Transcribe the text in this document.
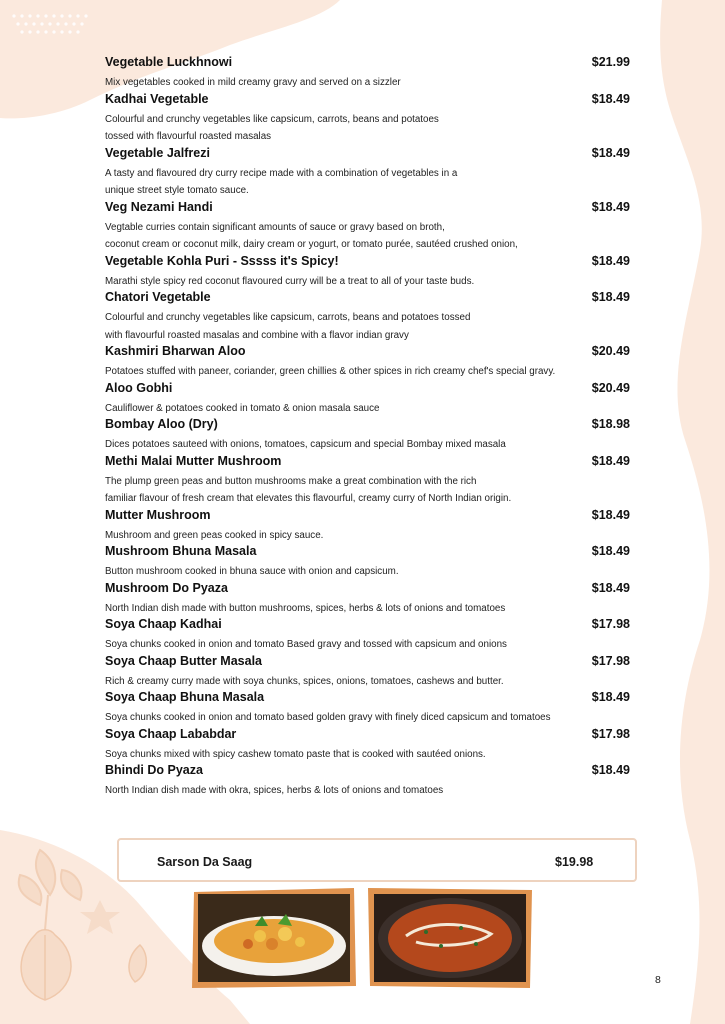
Vegetable Luckhnowi	$21.99
Mix vegetables cooked in mild creamy gravy and served on a sizzler
Kadhai Vegetable	$18.49
Colourful and crunchy vegetables like capsicum, carrots, beans and potatoes
tossed with flavourful roasted masalas
Vegetable Jalfrezi	$18.49
A tasty and flavoured dry curry recipe made with a combination of vegetables in a
unique street style tomato sauce.
Veg Nezami Handi	$18.49
Vegtable curries contain significant amounts of sauce or gravy based on broth,
coconut cream or coconut milk, dairy cream or yogurt, or tomato purée, sautéed crushed onion,
Vegetable Kohla Puri - Sssss it's Spicy!	$18.49
Marathi style spicy red coconut flavoured curry will be a treat to all of your taste buds.
Chatori Vegetable	$18.49
Colourful and crunchy vegetables like capsicum, carrots, beans and potatoes tossed
with flavourful roasted masalas and combine with a flavor indian gravy
Kashmiri Bharwan Aloo	$20.49
Potatoes stuffed with paneer, coriander, green chillies & other spices in rich creamy chef's special gravy.
Aloo Gobhi	$20.49
Cauliflower & potatoes cooked in tomato & onion masala sauce
Bombay Aloo (Dry)	$18.98
Dices potatoes sauteed with onions, tomatoes, capsicum and special Bombay mixed masala
Methi Malai Mutter Mushroom	$18.49
The plump green peas and button mushrooms make a great combination with the rich
familiar flavour of fresh cream that elevates this flavourful, creamy curry of North Indian origin.
Mutter Mushroom	$18.49
Mushroom and green peas cooked in spicy sauce.
Mushroom Bhuna Masala	$18.49
Button mushroom cooked in bhuna sauce with onion and capsicum.
Mushroom Do Pyaza	$18.49
North Indian dish made with button mushrooms, spices, herbs & lots of onions and tomatoes
Soya Chaap Kadhai	$17.98
Soya chunks cooked in onion and tomato Based gravy and tossed with capsicum and onions
Soya Chaap Butter Masala	$17.98
Rich & creamy curry made with soya chunks, spices, onions, tomatoes, cashews and butter.
Soya Chaap Bhuna Masala	$18.49
Soya chunks cooked in onion and tomato based golden gravy with finely diced capsicum and tomatoes
Soya Chaap Lababdar	$17.98
Soya chunks mixed with spicy cashew tomato paste that is cooked with sautéed onions.
Bhindi Do Pyaza	$18.49
North Indian dish made with okra, spices, herbs & lots of onions and tomatoes
Sarson Da Saag	$19.98
8
